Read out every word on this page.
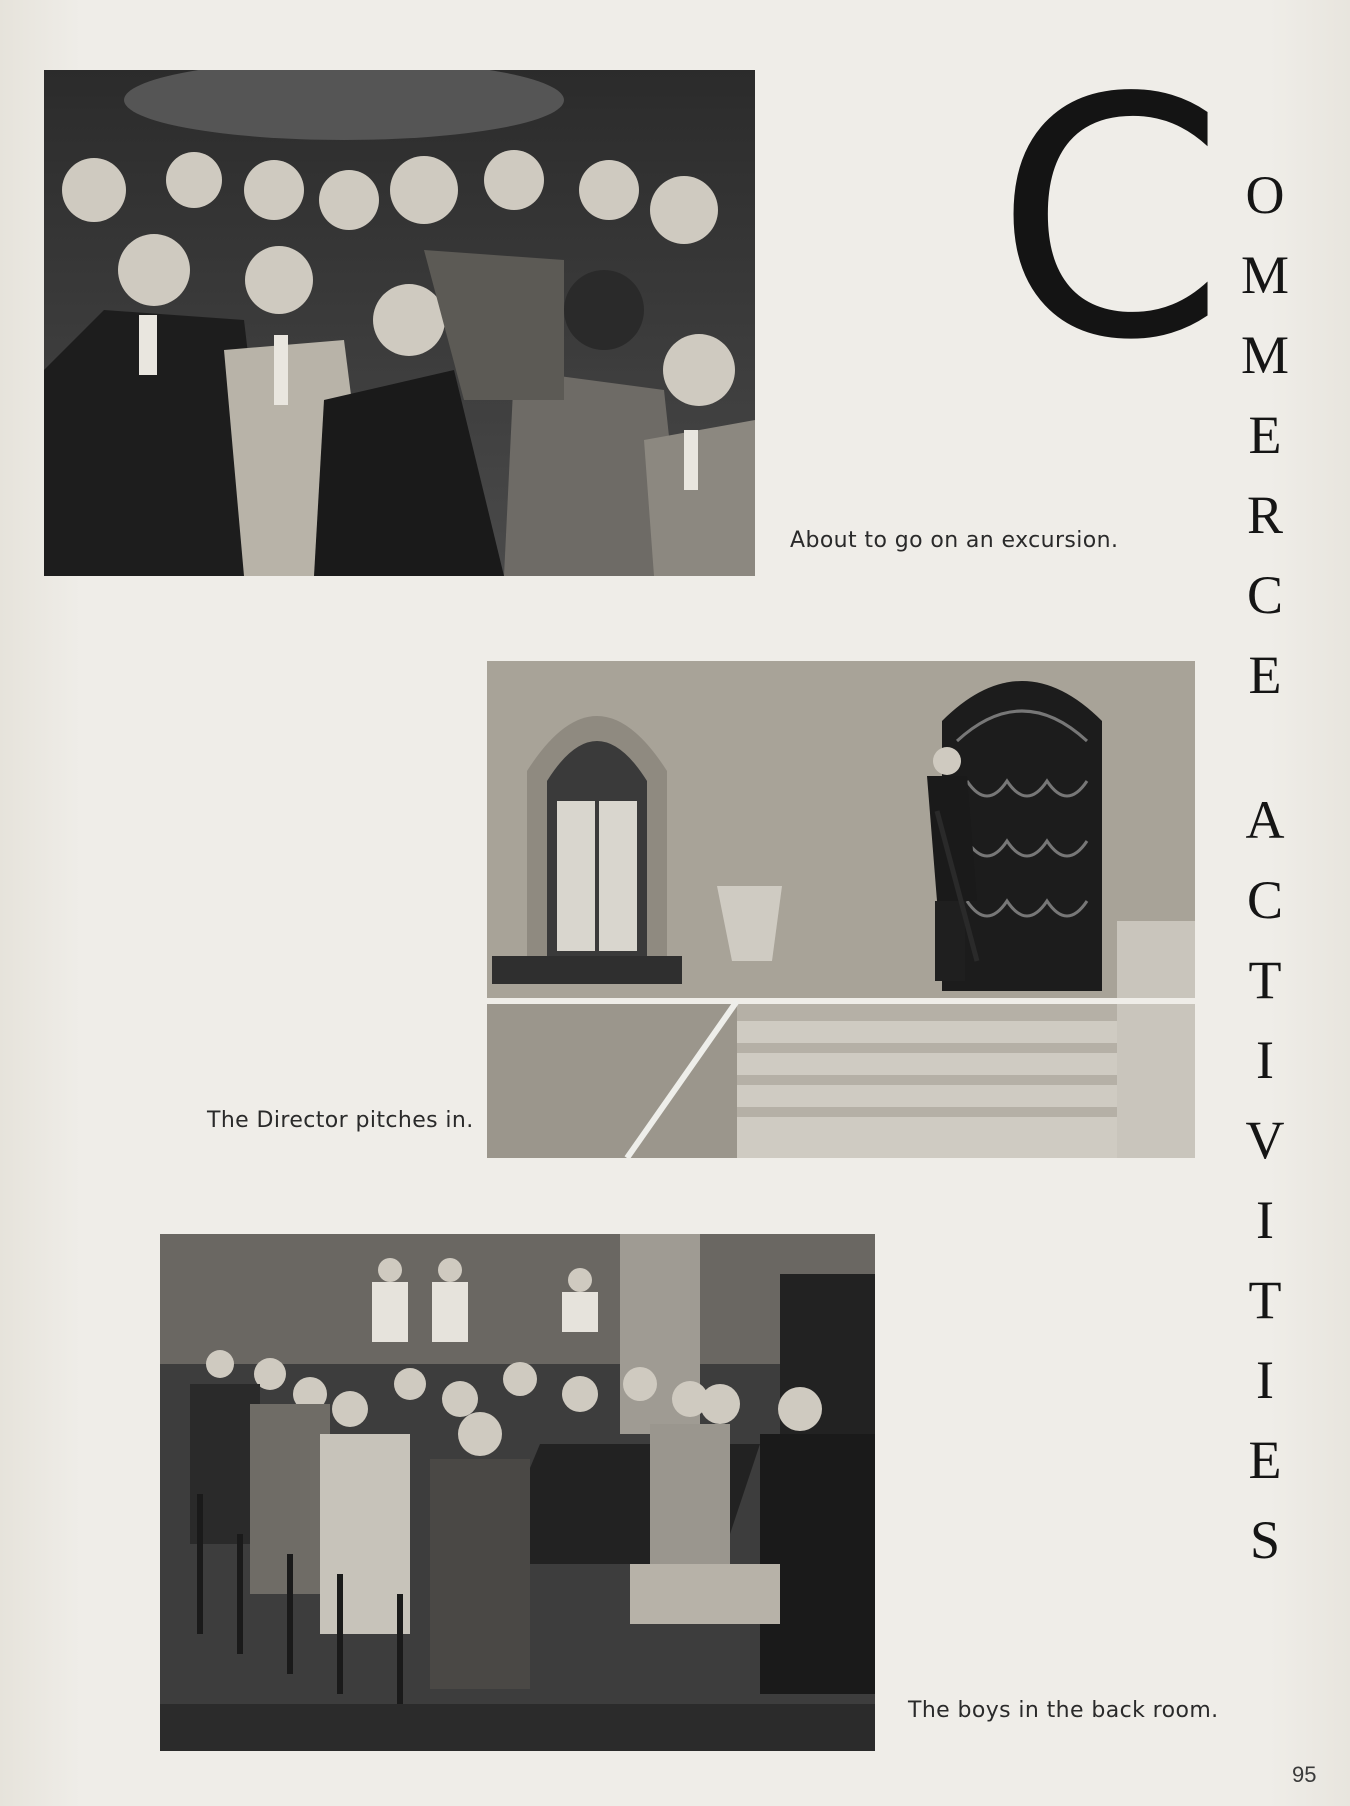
About to go on an excursion.
The Director pitches in.
The boys in the back room.
C O
M
M
E
R
C
E
A
C
T
I
V
I
T
I
E
S
95
